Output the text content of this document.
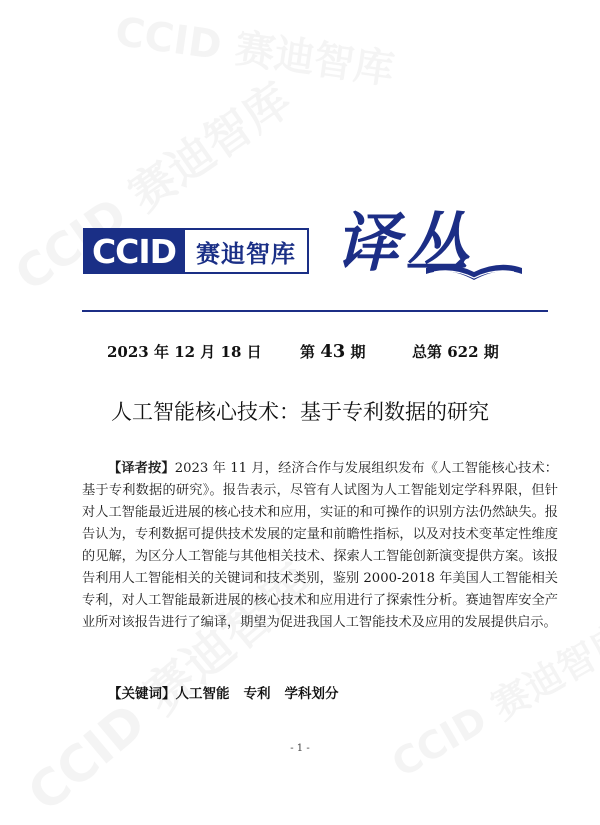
CCID 赛迪智库 译丛
2023 年 12 月 18 日	第 43 期	总第 622 期
人工智能核心技术：基于专利数据的研究

【译者按】2023 年 11 月，经济合作与发展组织发布《人工智能核心技术：基于专利数据的研究》。报告表示，尽管有人试图为人工智能划定学科界限，但针对人工智能最近进展的核心技术和应用，实证的和可操作的识别方法仍然缺失。报告认为，专利数据可提供技术发展的定量和前瞻性指标，以及对技术变革定性维度的见解，为区分人工智能与其他相关技术、探索人工智能创新演变提供方案。该报告利用人工智能相关的关键词和技术类别，鉴别 2000-2018 年美国人工智能相关专利，对人工智能最新进展的核心技术和应用进行了探索性分析。赛迪智库安全产业所对该报告进行了编译，期望为促进我国人工智能技术及应用的发展提供启示。

【关键词】人工智能 专利 学科划分
- 1 -
